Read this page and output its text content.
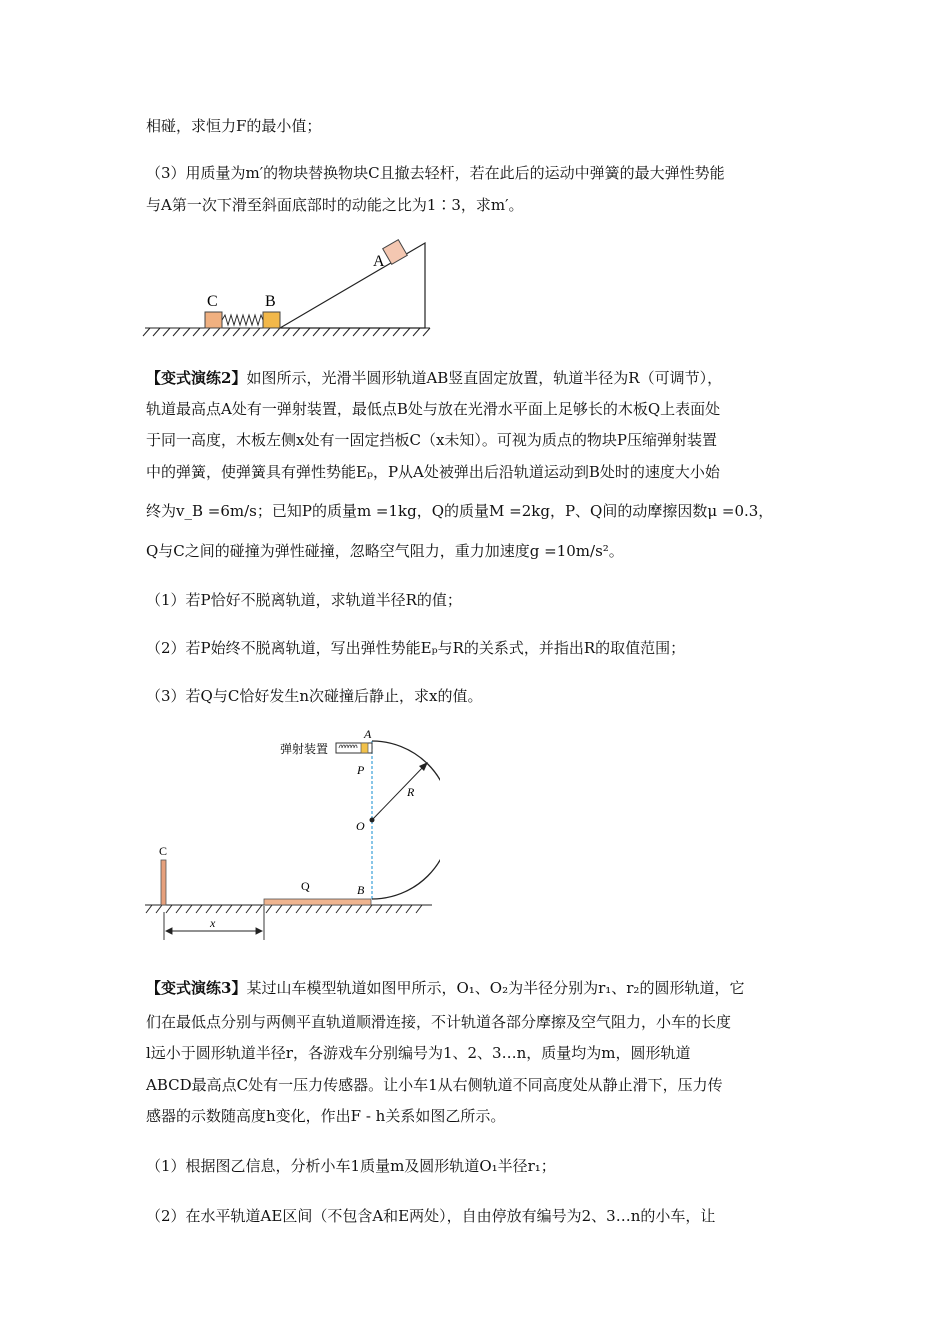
相碰，求恒力F的最小值；
（3）用质量为m′的物块替换物块C且撤去轻杆，若在此后的运动中弹簧的最大弹性势能
与A第一次下滑至斜面底部时的动能之比为1∶3，求m′。
A
C	B
【变式演练2】如图所示，光滑半圆形轨道AB竖直固定放置，轨道半径为R（可调节），
轨道最高点A处有一弹射装置，最低点B处与放在光滑水平面上足够长的木板Q上表面处
于同一高度，木板左侧x处有一固定挡板C（x未知）。可视为质点的物块P压缩弹射装置
中的弹簧，使弹簧具有弹性势能Eₚ，P从A处被弹出后沿轨道运动到B处时的速度大小始
终为v_B =6m/s；已知P的质量m =1kg，Q的质量M =2kg，P、Q间的动摩擦因数μ =0.3，
Q与C之间的碰撞为弹性碰撞，忽略空气阻力，重力加速度g =10m/s²。
（1）若P恰好不脱离轨道，求轨道半径R的值；
（2）若P始终不脱离轨道，写出弹性势能Eₚ与R的关系式，并指出R的取值范围；
（3）若Q与C恰好发生n次碰撞后静止，求x的值。
C
Q
弹射装置
A
P
O
R
B
x
【变式演练3】某过山车模型轨道如图甲所示，O₁、O₂为半径分别为r₁、r₂的圆形轨道，它
们在最低点分别与两侧平直轨道顺滑连接，不计轨道各部分摩擦及空气阻力，小车的长度
l远小于圆形轨道半径r，各游戏车分别编号为1、2、3…n，质量均为m，圆形轨道
ABCD最高点C处有一压力传感器。让小车1从右侧轨道不同高度处从静止滑下，压力传
感器的示数随高度h变化，作出F - h关系如图乙所示。
（1）根据图乙信息，分析小车1质量m及圆形轨道O₁半径r₁；
（2）在水平轨道AE区间（不包含A和E两处），自由停放有编号为2、3…n的小车，让
